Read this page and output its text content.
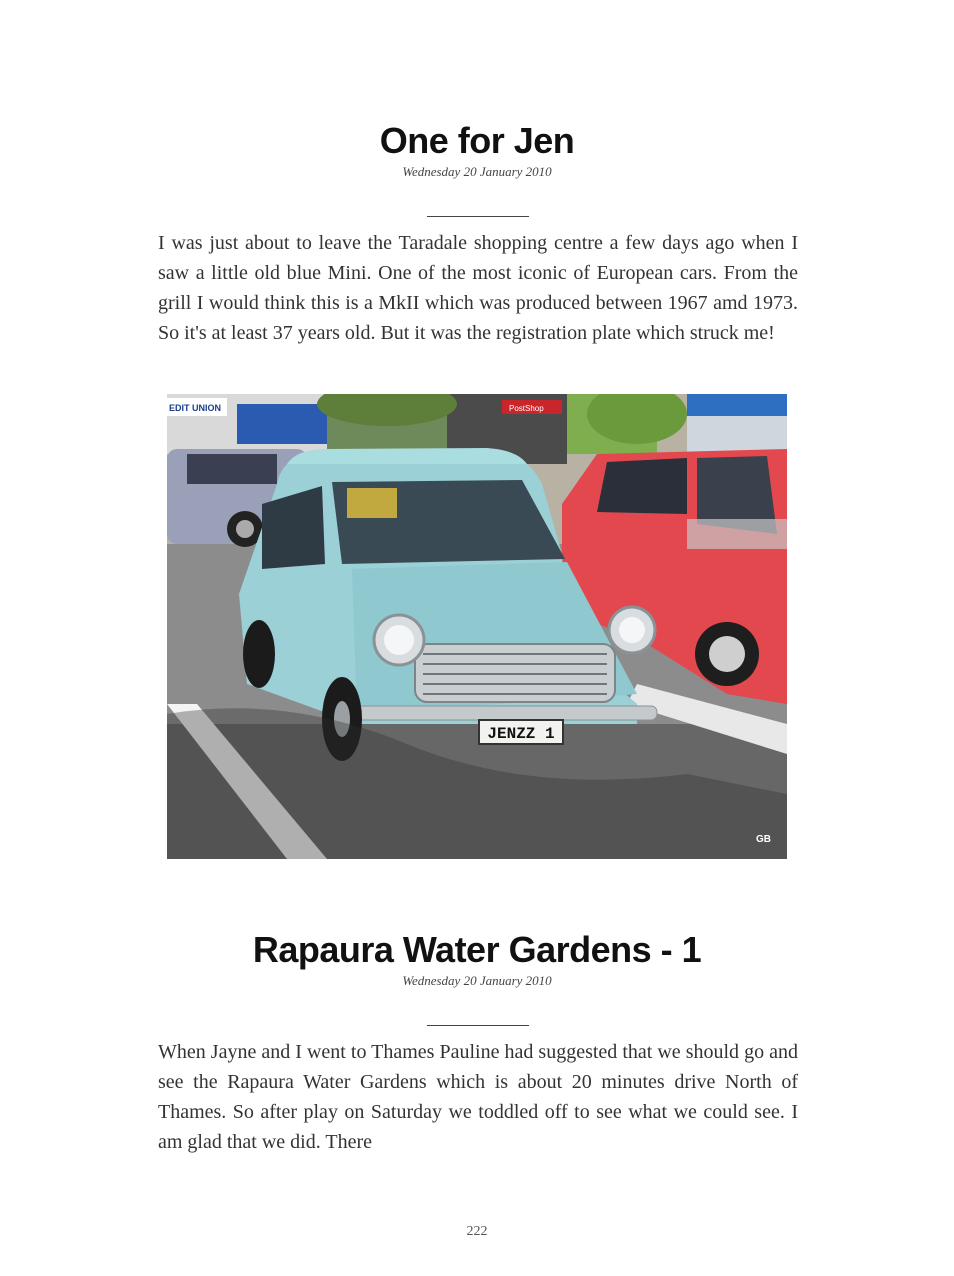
One for Jen
Wednesday 20 January 2010

I was just about to leave the Taradale shopping centre a few days ago when I saw a little old blue Mini. One of the most iconic of European cars. From the grill I would think this is a MkII which was produced between 1967 amd 1973. So it's at least 37 years old. But it was the registration plate which struck me!

EDIT UNION	PostShop
JENZZ 1
GB
Rapaura Water Gardens - 1
Wednesday 20 January 2010

When Jayne and I went to Thames Pauline had suggested that we should go and see the Rapaura Water Gardens which is about 20 minutes drive North of Thames. So after play on Saturday we toddled off to see what we could see. I am glad that we did. There

222
